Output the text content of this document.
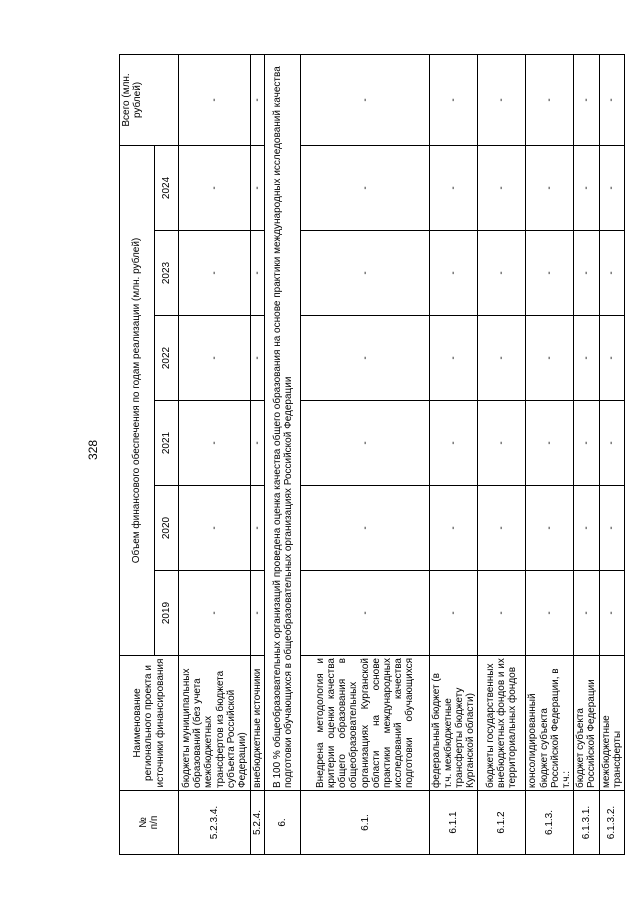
328
№
п/п	Наименование регионального проекта и источники финансирования	Объем финансового обеспечения по годам реализации (млн. рублей)						Всего (млн. рублей)
		2019	2020	2021	2022	2023	2024	
5.2.3.4.	бюджеты муниципальных образований (без учета межбюджетных трансфертов из бюджета субъекта Российской Федерации)	-	-	-	-	-	-	-
5.2.4.	внебюджетные источники	-	-	-	-	-	-	-
6.	В 100 % общеобразовательных организаций проведена оценка качества общего образования на основе практики международных исследований качества подготовки обучающихся в общеобразовательных организациях Российской Федерации							
6.1.	Внедрена методология и критерии оценки качества общего образования в общеобразовательных организациях Курганской области на основе практики международных исследований качества подготовки обучающихся	-	-	-	-	-	-	-
6.1.1	федеральный бюджет (в т.ч. межбюджетные трансферты бюджету Курганской области)	-	-	-	-	-	-	-
6.1.2	бюджеты государственных внебюджетных фондов и их территориальных фондов	-	-	-	-	-	-	-
6.1.3.	консолидированный бюджет субъекта Российской Федерации, в т.ч.:	-	-	-	-	-	-	-
6.1.3.1.	бюджет субъекта Российской Федерации	-	-	-	-	-	-	-
6.1.3.2.	межбюджетные трансферты	-	-	-	-	-	-	-
